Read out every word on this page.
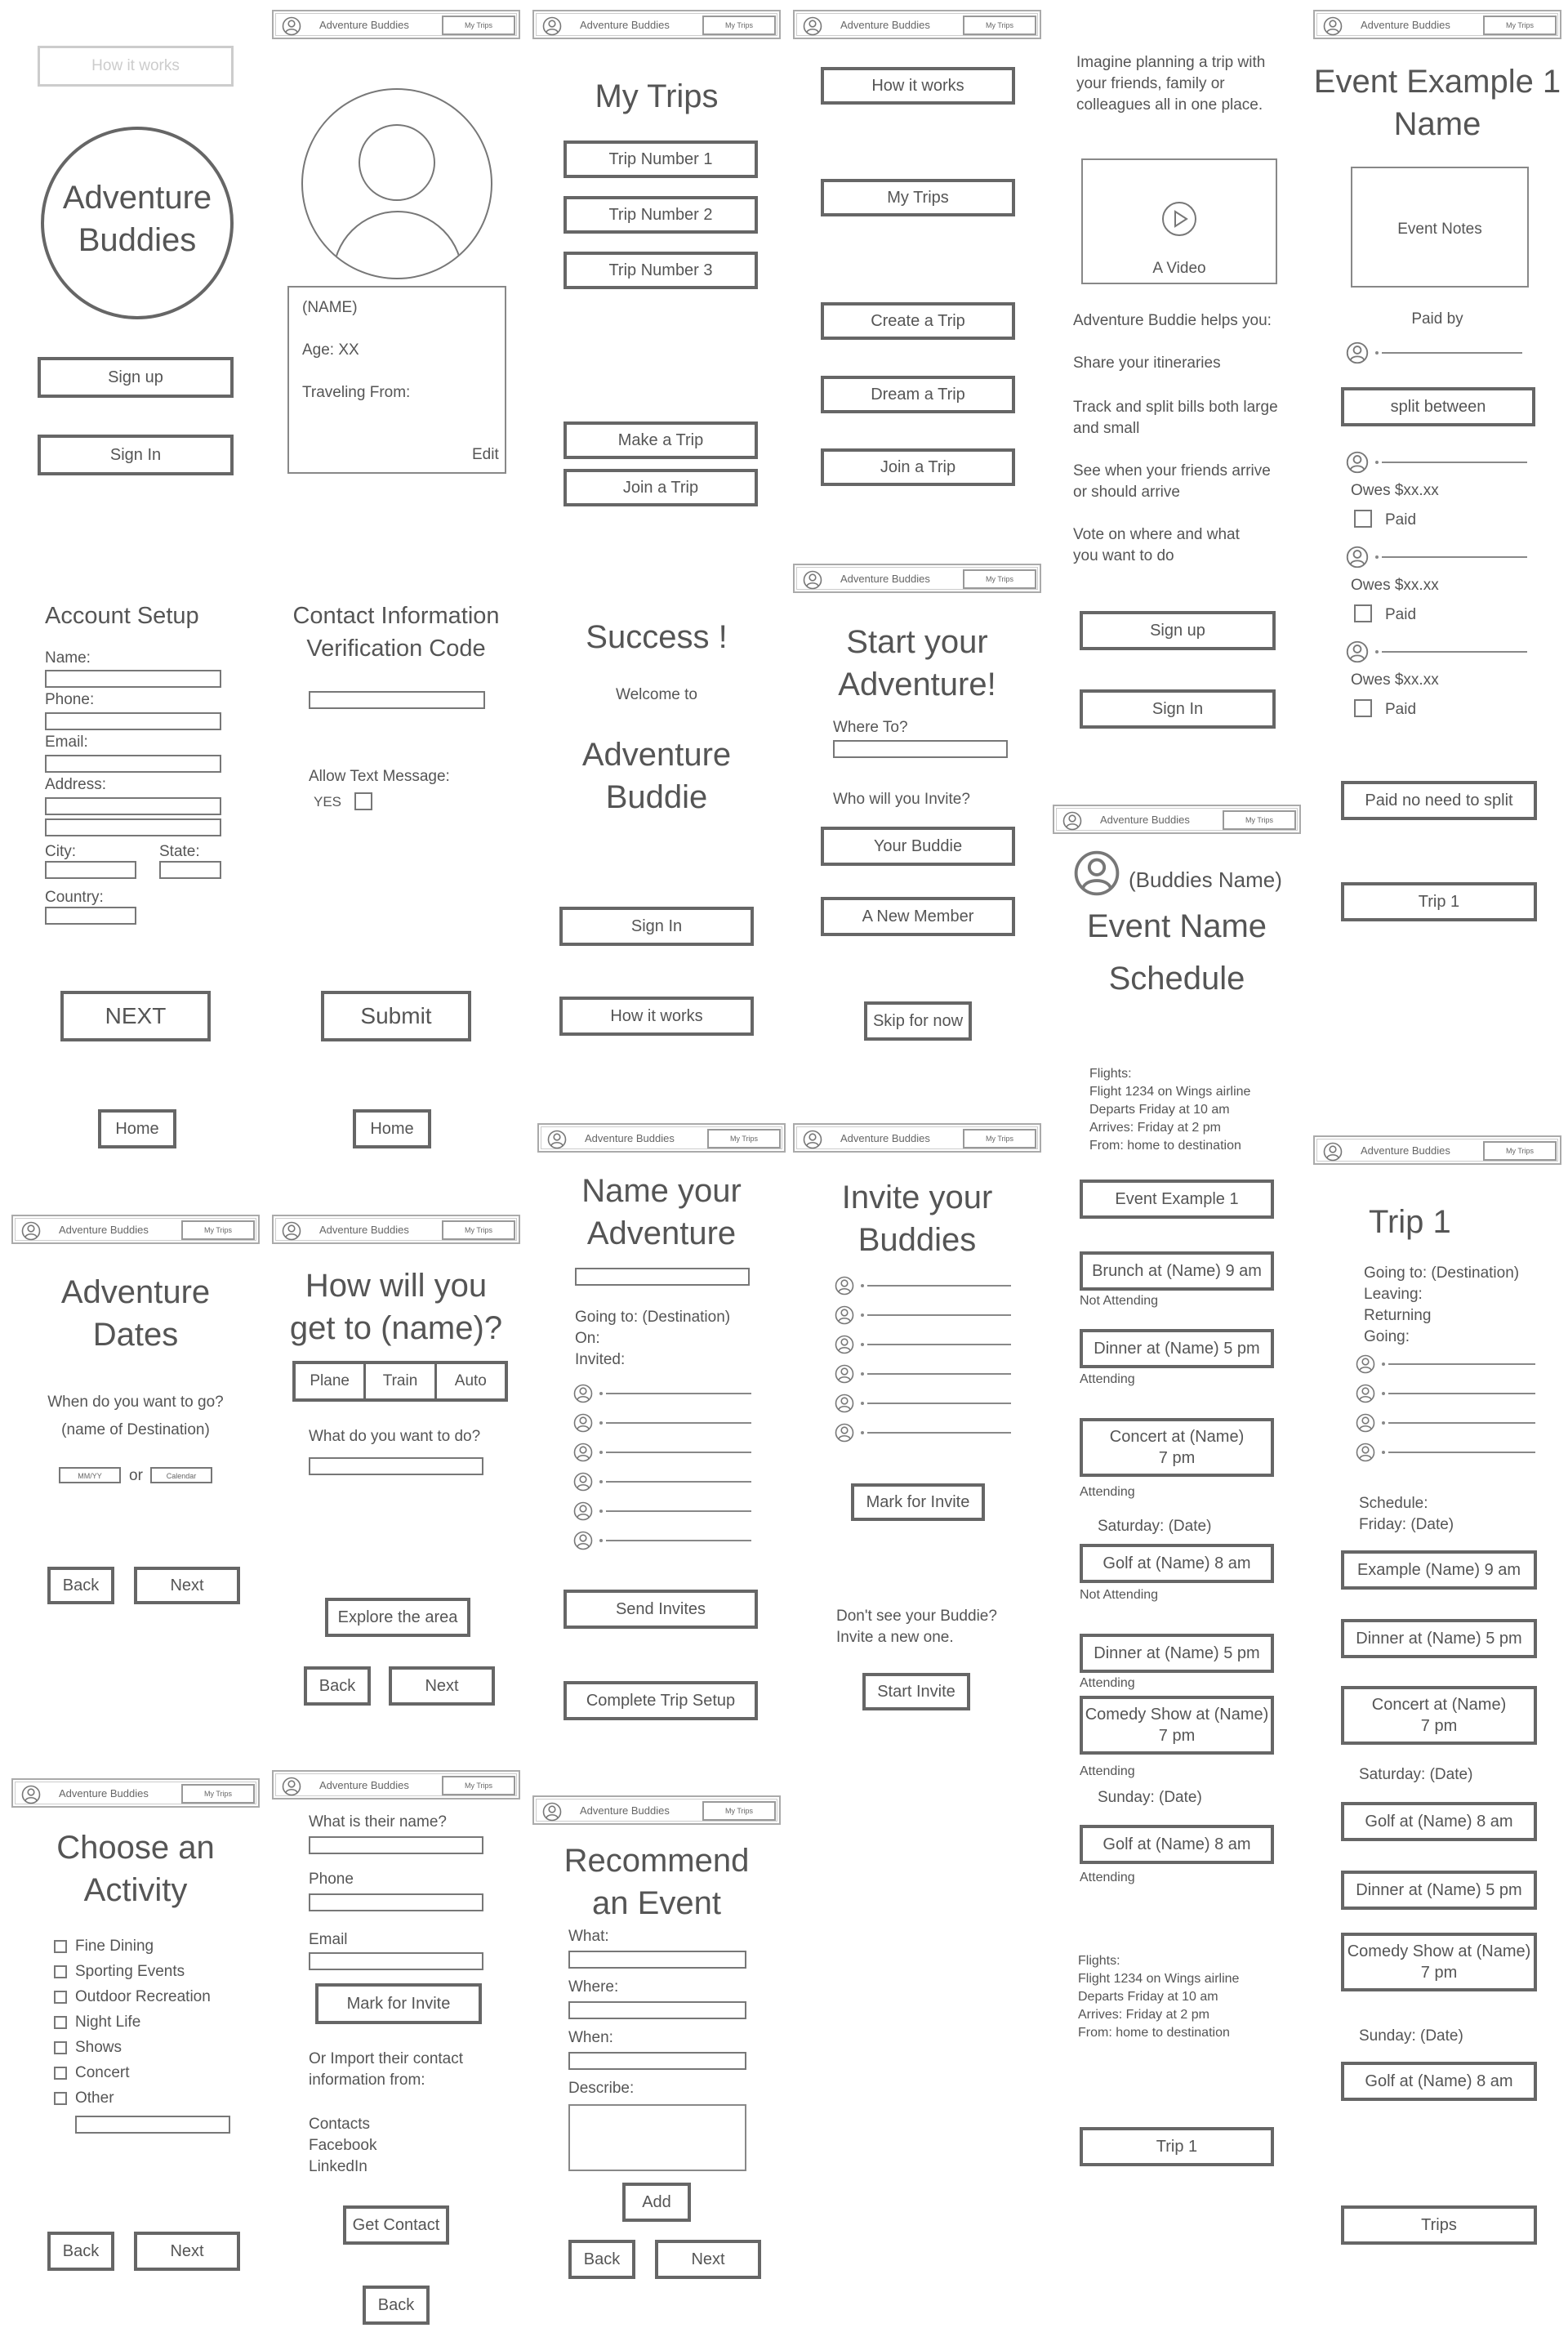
Adventure Buddies	My Trips	Adventure Buddies	My Trips	Adventure Buddies	My Trips	Adventure Buddies	My Trips
Adventure Buddies	My Trips
Adventure Buddies	My Trips
Adventure Buddies	My Trips	Adventure Buddies	My Trips
Adventure Buddies	My Trips
Adventure Buddies	My Trips	Adventure Buddies	My Trips
Adventure Buddies	My Trips
Adventure Buddies	My Trips
Adventure Buddies	My Trips
How it works
Adventure
Buddies
Sign up
Sign In
(NAME)
Age: XX
Traveling From:
Edit
My Trips
Trip Number 1
Trip Number 2
Trip Number 3
Make a Trip
Join a Trip
How it works
My Trips
Create a Trip
Dream a Trip
Join a Trip
Imagine planning a trip with
your friends, family or
colleagues all in one place.
A Video
Adventure Buddie helps you:
Share your itineraries
Track and split bills both large
and small
See when your friends arrive
or should arrive
Vote on where and what
you want to do
Sign up
Sign In
Event Example 1
Name
Event Notes
Paid by
split between
Owes $xx.xx
Paid
Owes $xx.xx
Paid
Owes $xx.xx
Paid
Paid no need to split
Trip 1
Account Setup
Name:
Phone:
Email:
Address:
City:	State:
Country:
NEXT
Home
Contact Information
Verification Code
Allow Text Message:
YES
Submit
Home
Success !
Welcome to
Adventure
Buddie
Sign In
How it works
Start your
Adventure!
Where To?
Who will you Invite?
Your Buddie
A New Member
Skip for now
(Buddies Name)
Event Name
Schedule
Flights:
Flight 1234 on Wings airline
Departs Friday at 10 am
Arrives: Friday at 2 pm
From: home to destination
Event Example 1
Brunch at (Name) 9 am
Not Attending
Dinner at (Name) 5 pm
Attending
Concert at (Name)
7 pm
Attending
Saturday: (Date)
Golf at (Name) 8 am
Not Attending
Dinner at (Name) 5 pm
Attending
Comedy Show at (Name)
7 pm
Attending
Sunday: (Date)
Golf at (Name) 8 am
Attending
Flights:
Flight 1234 on Wings airline
Departs Friday at 10 am
Arrives: Friday at 2 pm
From: home to destination
Trip 1
Adventure
Dates
When do you want to go?
(name of Destination)
MM/YY	or	Calendar
Back	Next
How will you
get to (name)?
Plane	Train	Auto
What do you want to do?
Explore the area
Back	Next
Name your
Adventure
Going to: (Destination)
On:
Invited:
Send Invites
Complete Trip Setup
Invite your
Buddies
Mark for Invite
Don't see your Buddie?
Invite a new one.
Start Invite
Trip 1
Going to: (Destination)
Leaving:
Returning
Going:
Schedule:
Friday: (Date)
Example (Name) 9 am
Dinner at (Name) 5 pm
Concert at (Name)
7 pm
Saturday: (Date)
Golf at (Name) 8 am
Dinner at (Name) 5 pm
Comedy Show at (Name)
7 pm
Sunday: (Date)
Golf at (Name) 8 am
Trips
Choose an
Activity
Fine Dining
Sporting Events
Outdoor Recreation
Night Life
Shows
Concert
Other
Back	Next
What is their name?
Phone
Email
Mark for Invite
Or Import their contact
information from:
Contacts
Facebook
LinkedIn
Get Contact
Back
Recommend
an Event
What:
Where:
When:
Describe:
Add
Back	Next
